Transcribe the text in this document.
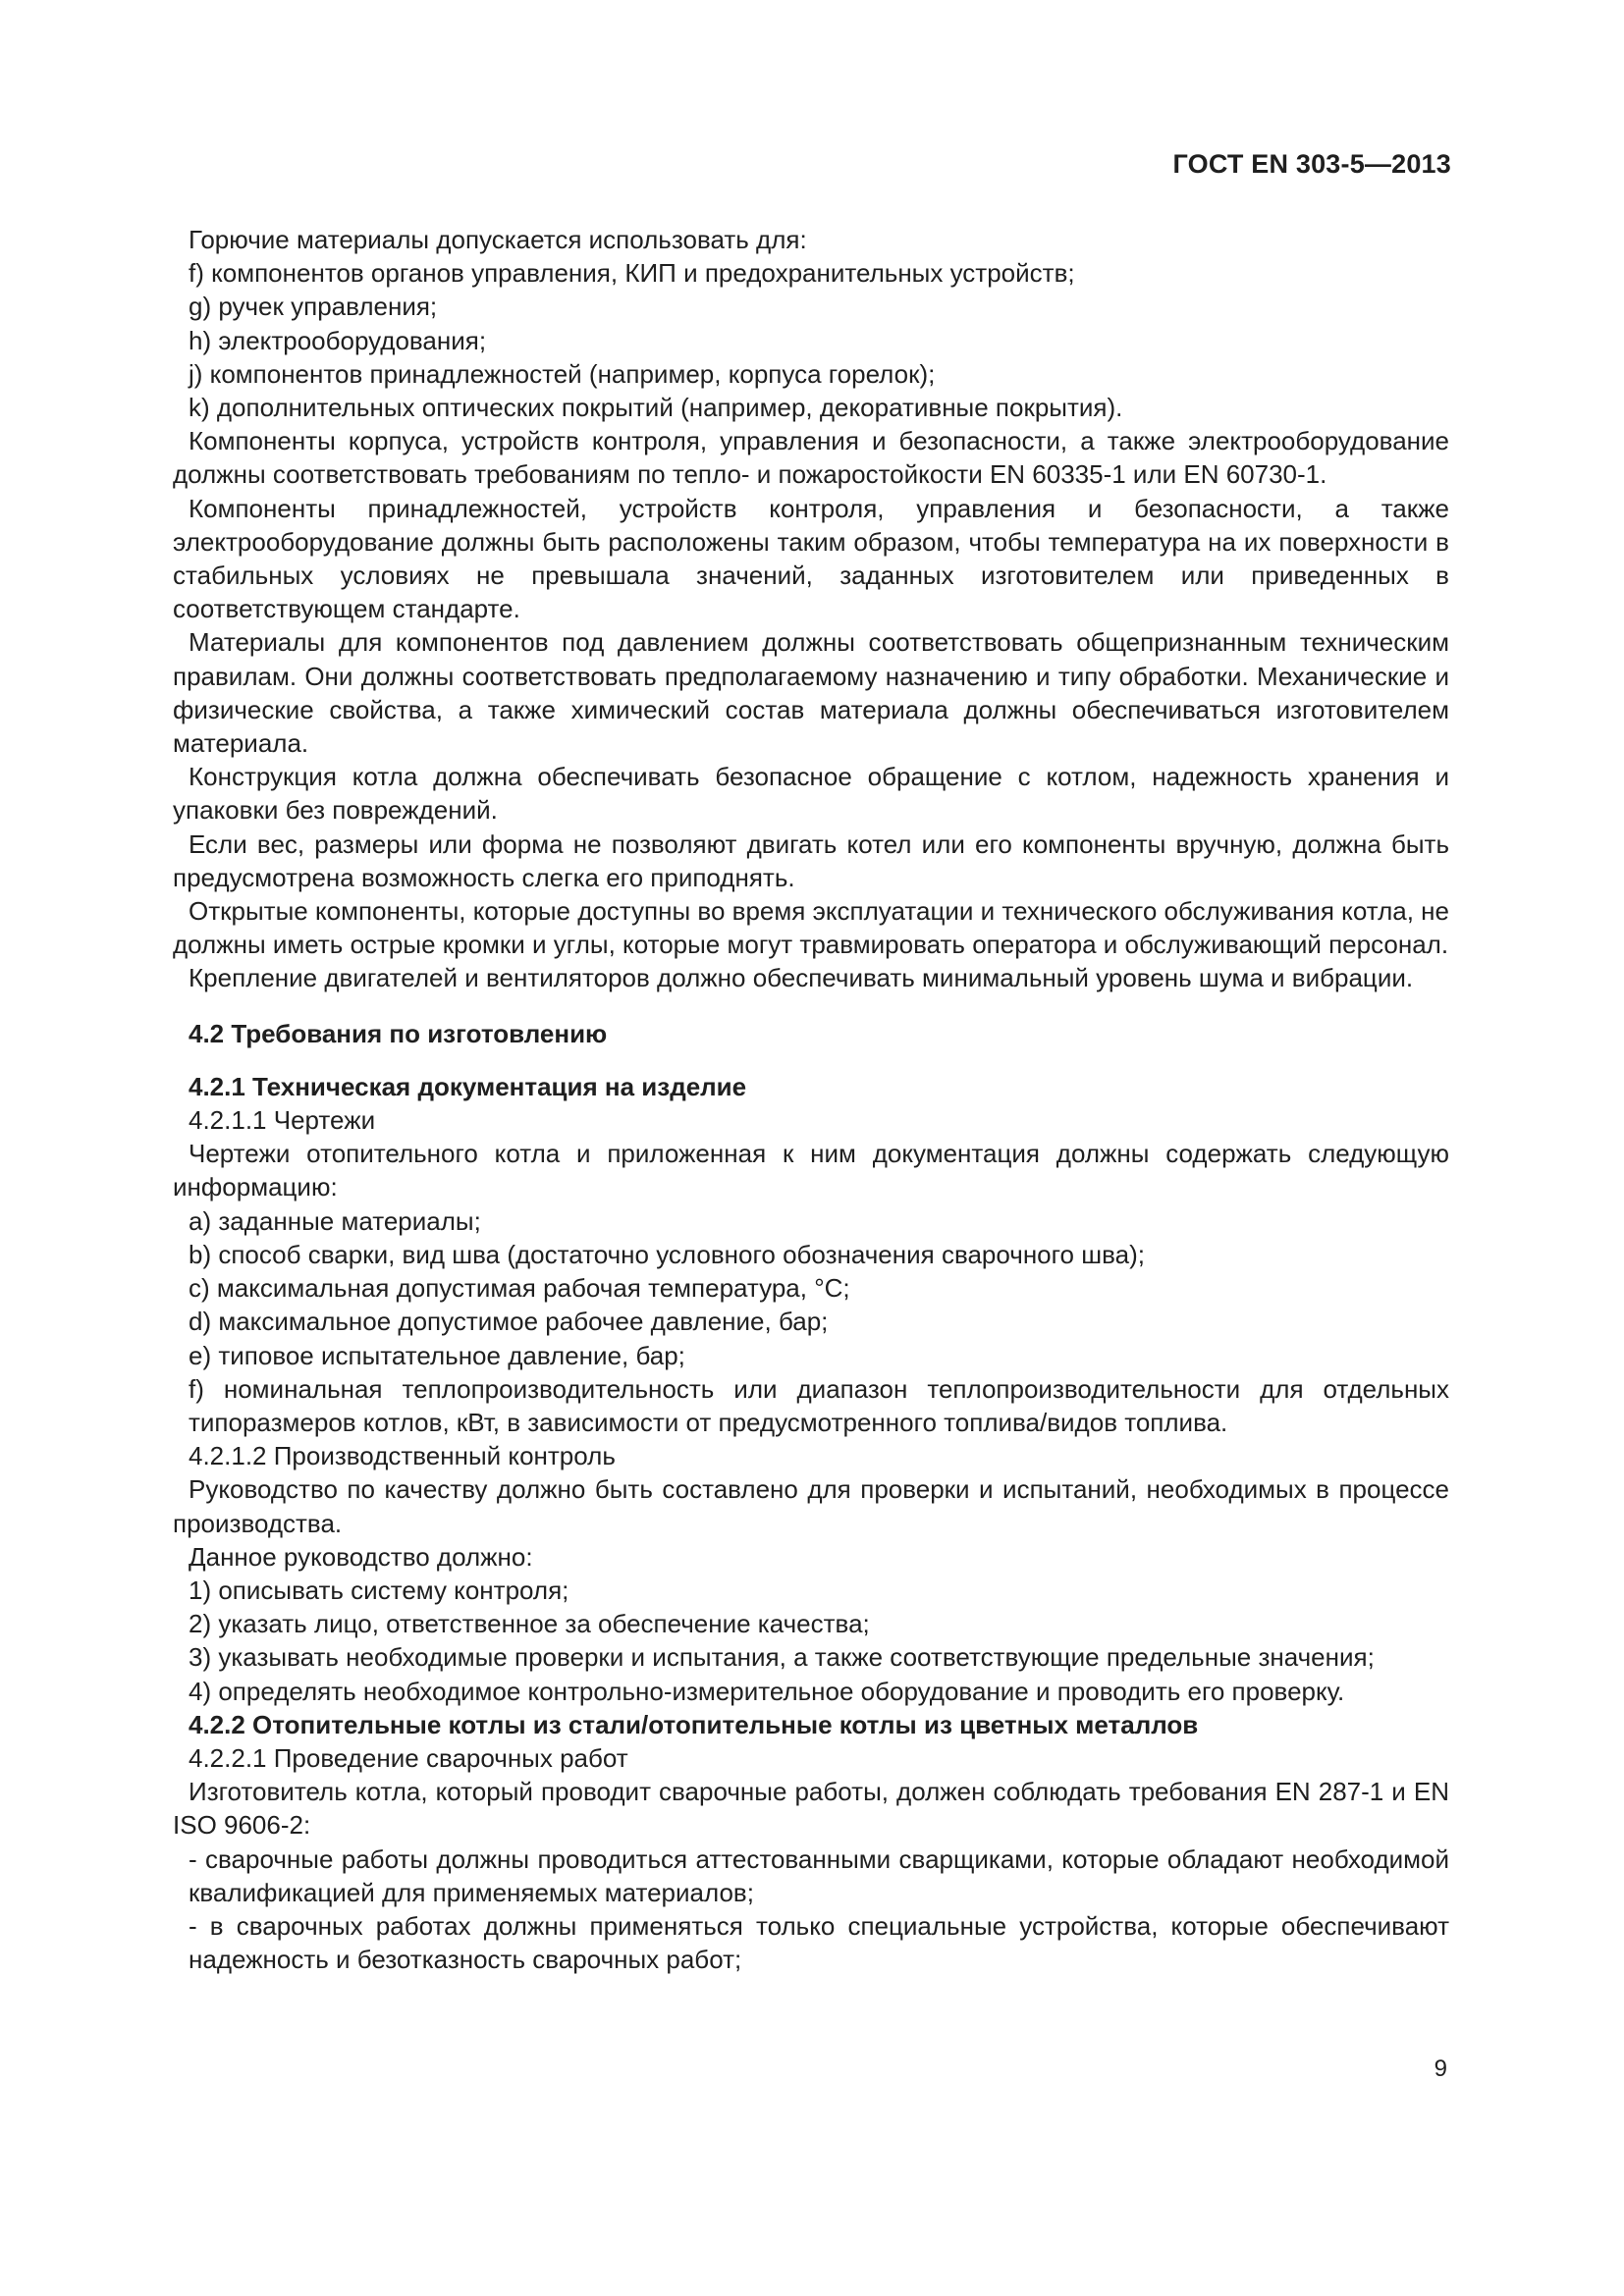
ГОСТ EN 303-5—2013

Горючие материалы допускается использовать для:

f) компонентов органов управления, КИП и предохранительных устройств;

g) ручек управления;

h) электрооборудования;

j) компонентов принадлежностей (например, корпуса горелок);

k) дополнительных оптических покрытий (например, декоративные покрытия).

Компоненты корпуса, устройств контроля, управления и безопасности, а также электрооборудование должны соответствовать требованиям по тепло- и пожаростойкости EN 60335-1 или EN 60730-1.

Компоненты принадлежностей, устройств контроля, управления и безопасности, а также электрооборудование должны быть расположены таким образом, чтобы температура на их поверхности в стабильных условиях не превышала значений, заданных изготовителем или приведенных в соответствующем стандарте.

Материалы для компонентов под давлением должны соответствовать общепризнанным техническим правилам. Они должны соответствовать предполагаемому назначению и типу обработки. Механические и физические свойства, а также химический состав материала должны обеспечиваться изготовителем материала.

Конструкция котла должна обеспечивать безопасное обращение с котлом, надежность хранения и упаковки без повреждений.

Если вес, размеры или форма не позволяют двигать котел или его компоненты вручную, должна быть предусмотрена возможность слегка его приподнять.

Открытые компоненты, которые доступны во время эксплуатации и технического обслуживания котла, не должны иметь острые кромки и углы, которые могут травмировать оператора и обслуживающий персонал.

Крепление двигателей и вентиляторов должно обеспечивать минимальный уровень шума и вибрации.

4.2 Требования по изготовлению

4.2.1 Техническая документация на изделие

4.2.1.1 Чертежи

Чертежи отопительного котла и приложенная к ним документация должны содержать следующую информацию:

a) заданные материалы;

b) способ сварки, вид шва (достаточно условного обозначения сварочного шва);

c) максимальная допустимая рабочая температура, °С;

d) максимальное допустимое рабочее давление, бар;

e) типовое испытательное давление, бар;

f) номинальная теплопроизводительность или диапазон теплопроизводительности для отдельных типоразмеров котлов, кВт, в зависимости от предусмотренного топлива/видов топлива.

4.2.1.2 Производственный контроль

Руководство по качеству должно быть составлено для проверки и испытаний, необходимых в процессе производства.

Данное руководство должно:

1) описывать систему контроля;

2) указать лицо, ответственное за обеспечение качества;

3) указывать необходимые проверки и испытания, а также соответствующие предельные значения;

4) определять необходимое контрольно-измерительное оборудование и проводить его проверку.

4.2.2 Отопительные котлы из стали/отопительные котлы из цветных металлов

4.2.2.1 Проведение сварочных работ

Изготовитель котла, который проводит сварочные работы, должен соблюдать требования EN 287-1 и EN ISO 9606-2:

- сварочные работы должны проводиться аттестованными сварщиками, которые обладают необходимой квалификацией для применяемых материалов;

- в сварочных работах должны применяться только специальные устройства, которые обеспечивают надежность и безотказность сварочных работ;

9
